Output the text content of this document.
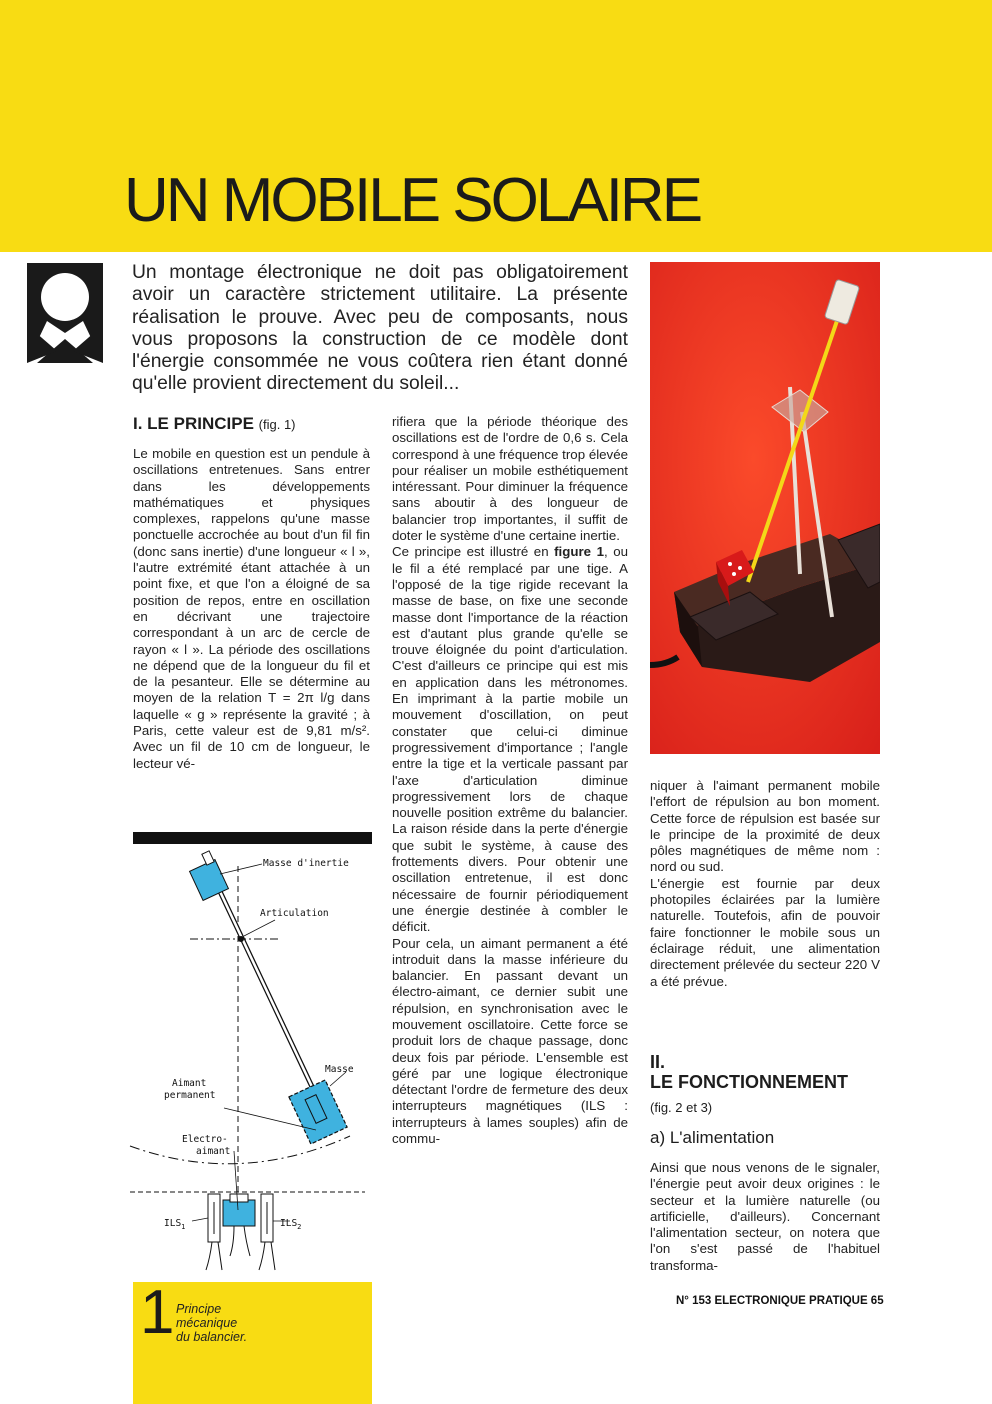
UN MOBILE SOLAIRE

Un montage électronique ne doit pas obligatoirement avoir un caractère strictement utilitaire. La présente réalisation le prouve. Avec peu de composants, nous vous proposons la construction de ce modèle dont l'énergie consommée ne vous coûtera rien étant donné qu'elle provient directement du soleil...

I. LE PRINCIPE (fig. 1)

Le mobile en question est un pendule à oscillations entretenues. Sans entrer dans les développements mathématiques et physiques complexes, rappelons qu'une masse ponctuelle accrochée au bout d'un fil fin (donc sans inertie) d'une longueur « l », l'autre extrémité étant attachée à un point fixe, et que l'on a éloigné de sa position de repos, entre en oscillation en décrivant une trajectoire correspondant à un arc de cercle de rayon « l ». La période des oscillations ne dépend que de la longueur du fil et de la pesanteur. Elle se détermine au moyen de la relation T = 2π l/g dans laquelle « g » représente la gravité ; à Paris, cette valeur est de 9,81 m/s². Avec un fil de 10 cm de longueur, le lecteur vé-

Masse d'inertie
Articulation
Masse
Aimant
permanent
Electro-
aimant
$ILS_1$	$ILS_2$
1 Principe
mécanique
du balancier.

rifiera que la période théorique des oscillations est de l'ordre de 0,6 s. Cela correspond à une fréquence trop élevée pour réaliser un mobile esthétiquement intéressant. Pour diminuer la fréquence sans aboutir à des longueur de balancier trop importantes, il suffit de doter le système d'une certaine inertie.

Ce principe est illustré en figure 1, ou le fil a été remplacé par une tige. A l'opposé de la tige rigide recevant la masse de base, on fixe une seconde masse dont l'importance de la réaction est d'autant plus grande qu'elle se trouve éloignée du point d'articulation. C'est d'ailleurs ce principe qui est mis en application dans les métronomes. En imprimant à la partie mobile un mouvement d'oscillation, on peut constater que celui-ci diminue progressivement d'importance ; l'angle entre la tige et la verticale passant par l'axe d'articulation diminue progressivement lors de chaque nouvelle position extrême du balancier. La raison réside dans la perte d'énergie que subit le système, à cause des frottements divers. Pour obtenir une oscillation entretenue, il est donc nécessaire de fournir périodiquement une énergie destinée à combler le déficit.

Pour cela, un aimant permanent a été introduit dans la masse inférieure du balancier. En passant devant un électro-aimant, ce dernier subit une répulsion, en synchronisation avec le mouvement oscillatoire. Cette force se produit lors de chaque passage, donc deux fois par période. L'ensemble est géré par une logique électronique détectant l'ordre de fermeture des deux interrupteurs magnétiques (ILS : interrupteurs à lames souples) afin de commu-

niquer à l'aimant permanent mobile l'effort de répulsion au bon moment. Cette force de répulsion est basée sur le principe de la proximité de deux pôles magnétiques de même nom : nord ou sud.

L'énergie est fournie par deux photopiles éclairées par la lumière naturelle. Toutefois, afin de pouvoir faire fonctionner le mobile sous un éclairage réduit, une alimentation directement prélevée du secteur 220 V a été prévue.

II.
LE FONCTIONNEMENT

(fig. 2 et 3)

a) L'alimentation

Ainsi que nous venons de le signaler, l'énergie peut avoir deux origines : le secteur et la lumière naturelle (ou artificielle, d'ailleurs). Concernant l'alimentation secteur, on notera que l'on s'est passé de l'habituel transforma-

N° 153 ELECTRONIQUE PRATIQUE 65
